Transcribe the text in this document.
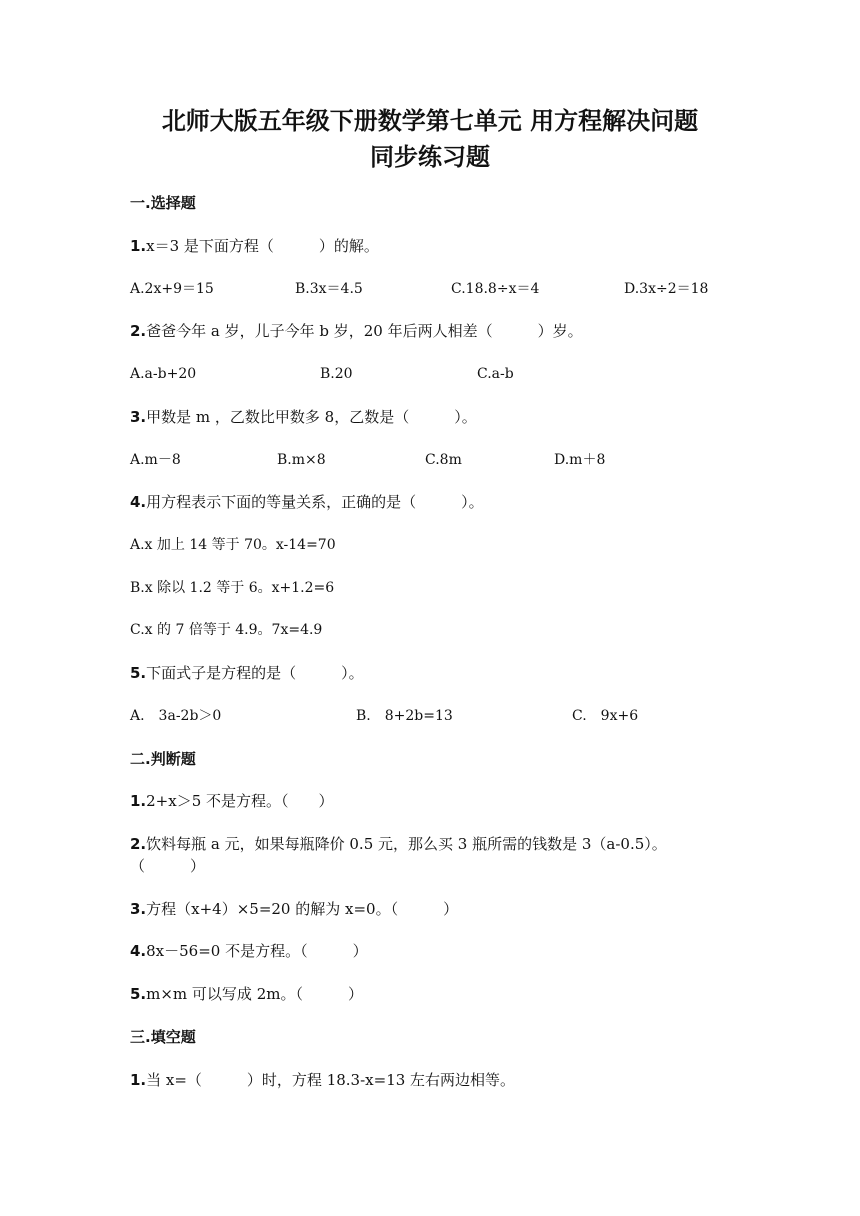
北师大版五年级下册数学第七单元 用方程解决问题
同步练习题
一.选择题
1.x＝3 是下面方程（　　　）的解。
A.2x+9＝15	B.3x＝4.5	C.18.8÷x＝4	D.3x÷2＝18
2.爸爸今年 a 岁，儿子今年 b 岁，20 年后两人相差（　　　）岁。
A.a-b+20	B.20	C.a-b
3.甲数是 m ，乙数比甲数多 8，乙数是（　　　）。
A.m－8	B.m×8	C.8m	D.m＋8
4.用方程表示下面的等量关系，正确的是（　　　）。
A.x 加上 14 等于 70。x-14=70
B.x 除以 1.2 等于 6。x+1.2=6
C.x 的 7 倍等于 4.9。7x=4.9
5.下面式子是方程的是（　　　）。
A.　3a-2b＞0	B.　8+2b=13	C.　9x+6
二.判断题
1.2+x＞5 不是方程。（　　）
2.饮料每瓶 a 元，如果每瓶降价 0.5 元，那么买 3 瓶所需的钱数是 3（a-0.5）。
（　　　）
3.方程（x+4）×5=20 的解为 x=0。（　　　）
4.8x－56=0 不是方程。（　　　）
5.m×m 可以写成 2m。（　　　）
三.填空题
1.当 x=（　　　）时，方程 18.3-x=13 左右两边相等。
